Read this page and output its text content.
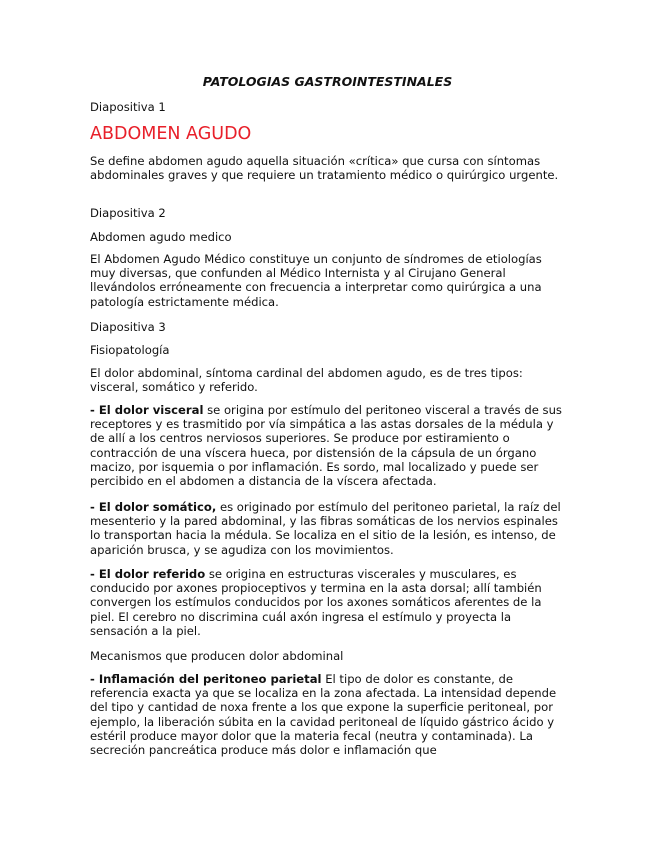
PATOLOGIAS GASTROINTESTINALES

Diapositiva 1

ABDOMEN AGUDO

Se define abdomen agudo aquella situación «crítica» que cursa con síntomas abdominales graves y que requiere un tratamiento médico o quirúrgico urgente.

Diapositiva 2

Abdomen agudo medico

El Abdomen Agudo Médico constituye un conjunto de síndromes de etiologías muy diversas, que confunden al Médico Internista y al Cirujano General llevándolos erróneamente con frecuencia a interpretar como quirúrgica a una patología estrictamente médica.

Diapositiva 3

Fisiopatología

El dolor abdominal, síntoma cardinal del abdomen agudo, es de tres tipos: visceral, somático y referido.

- El dolor visceral se origina por estímulo del peritoneo visceral a través de sus receptores y es trasmitido por vía simpática a las astas dorsales de la médula y de allí a los centros nerviosos superiores. Se produce por estiramiento o contracción de una víscera hueca, por distensión de la cápsula de un órgano macizo, por isquemia o por inflamación. Es sordo, mal localizado y puede ser percibido en el abdomen a distancia de la víscera afectada.

- El dolor somático, es originado por estímulo del peritoneo parietal, la raíz del mesenterio y la pared abdominal, y las fibras somáticas de los nervios espinales lo transportan hacia la médula. Se localiza en el sitio de la lesión, es intenso, de aparición brusca, y se agudiza con los movimientos.

- El dolor referido se origina en estructuras viscerales y musculares, es conducido por axones propioceptivos y termina en la asta dorsal; allí también convergen los estímulos conducidos por los axones somáticos aferentes de la piel. El cerebro no discrimina cuál axón ingresa el estímulo y proyecta la sensación a la piel.

Mecanismos que producen dolor abdominal

- Inflamación del peritoneo parietal El tipo de dolor es constante, de referencia exacta ya que se localiza en la zona afectada. La intensidad depende del tipo y cantidad de noxa frente a los que expone la superficie peritoneal, por ejemplo, la liberación súbita en la cavidad peritoneal de líquido gástrico ácido y estéril produce mayor dolor que la materia fecal (neutra y contaminada). La secreción pancreática produce más dolor e inflamación que
